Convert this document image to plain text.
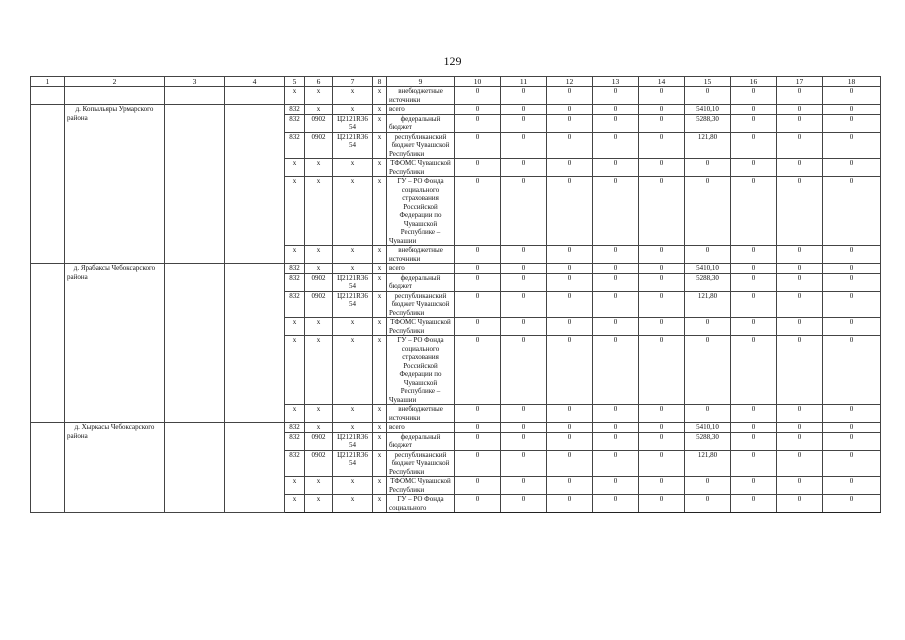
129
1	2	3	4	5	6	7	8	9	10	11	12	13	14	15	16	17	18
				x	x	x	x	внебюджетные источники	0	0	0	0	0	0	0	0	0
	д. Копыльяры Урмарского района			832	x	x	x	всего	0	0	0	0	0	5410,10	0	0	0
				832	0902	Ц2121R36 54	x	федеральный бюджет	0	0	0	0	0	5288,30	0	0	0
				832	0902	Ц2121R36 54	x	республиканский бюджет Чувашской Республики	0	0	0	0	0	121,80	0	0	0
				x	x	x	x	ТФОМС Чувашской Республики	0	0	0	0	0	0	0	0	0
				x	x	x	x	ГУ – РО Фонда социального страхования Российской Федерации по Чувашской Республике – Чувашии	0	0	0	0	0	0	0	0	0
				x	x	x	x	внебюджетные источники	0	0	0	0	0	0	0	0	0
	д. Ярабаксы Чебоксарского района			832	x	x	x	всего	0	0	0	0	0	5410,10	0	0	0
				832	0902	Ц2121R36 54	x	федеральный бюджет	0	0	0	0	0	5288,30	0	0	0
				832	0902	Ц2121R36 54	x	республиканский бюджет Чувашской Республики	0	0	0	0	0	121,80	0	0	0
				x	x	x	x	ТФОМС Чувашской Республики	0	0	0	0	0	0	0	0	0
				x	x	x	x	ГУ – РО Фонда социального страхования Российской Федерации по Чувашской Республике – Чувашии	0	0	0	0	0	0	0	0	0
				x	x	x	x	внебюджетные источники	0	0	0	0	0	0	0	0	0
	д. Хыркасы Чебоксарского района			832	x	x	x	всего	0	0	0	0	0	5410,10	0	0	0
				832	0902	Ц2121R36 54	x	федеральный бюджет	0	0	0	0	0	5288,30	0	0	0
				832	0902	Ц2121R36 54	x	республиканский бюджет Чувашской Республики	0	0	0	0	0	121,80	0	0	0
				x	x	x	x	ТФОМС Чувашской Республики	0	0	0	0	0	0	0	0	0
				x	x	x	x	ГУ – РО Фонда социального	0	0	0	0	0	0	0	0	0
